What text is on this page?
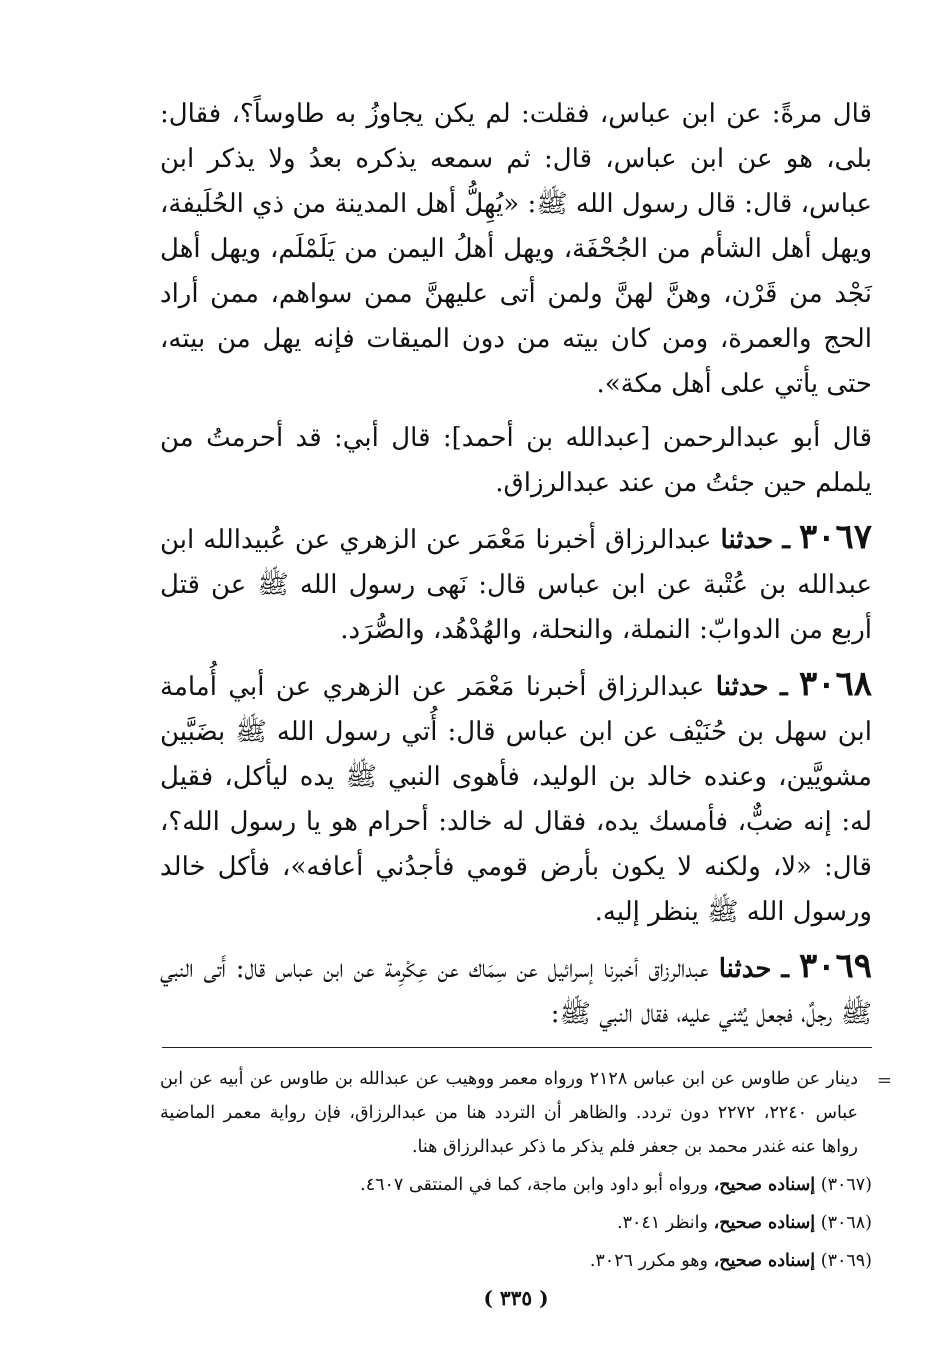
قال مرةً: عن ابن عباس، فقلت: لم يكن يجاوزُ به طاوساً؟، فقال: بلى، هو عن ابن عباس، قال: ثم سمعه يذكره بعدُ ولا يذكر ابن عباس، قال: قال رسول الله ﷺ: «يُهِلُّ أهل المدينة من ذي الحُلَيفة، ويهل أهل الشأم من الجُحْفَة، ويهل أهلُ اليمن من يَلَمْلَم، ويهل أهل نَجْد من قَرْن، وهنَّ لهنَّ ولمن أتى عليهنَّ ممن سواهم، ممن أراد الحج والعمرة، ومن كان بيته من دون الميقات فإنه يهل من بيته، حتى يأتي على أهل مكة».

قال أبو عبدالرحمن [عبدالله بن أحمد]: قال أبي: قد أحرمتُ من يلملم حين جئتُ من عند عبدالرزاق.

٣٠٦٧ ـ حدثنا عبدالرزاق أخبرنا مَعْمَر عن الزهري عن عُبيدالله ابن عبدالله بن عُتْبة عن ابن عباس قال: نَهى رسول الله ﷺ عن قتل أربع من الدوابّ: النملة، والنحلة، والهُدْهُد، والصُّرَد.

٣٠٦٨ ـ حدثنا عبدالرزاق أخبرنا مَعْمَر عن الزهري عن أبي أُمامة ابن سهل بن حُنَيْف عن ابن عباس قال: أُتي رسول الله ﷺ بضَبَّين مشويَّين، وعنده خالد بن الوليد، فأهوى النبي ﷺ يده ليأكل، فقيل له: إنه ضبٌّ، فأمسك يده، فقال له خالد: أحرام هو يا رسول الله؟، قال: «لا، ولكنه لا يكون بأرض قومي فأجدُني أعافه»، فأكل خالد ورسول الله ﷺ ينظر إليه.

٣٠٦٩ ـ حدثنا عبدالرزاق أخبرنا إسرائيل عن سِمَاك عن عِكْرِمة عن ابن عباس قال: أَتى النبي ﷺ رجلٌ، فجعل يُثني عليه، فقال النبي ﷺ:

=

دينار عن طاوس عن ابن عباس ٢١٢٨ ورواه معمر ووهيب عن عبدالله بن طاوس عن أبيه عن ابن عباس ٢٢٤٠، ٢٢٧٢ دون تردد. والظاهر أن التردد هنا من عبدالرزاق، فإن رواية معمر الماضية رواها عنه غندر محمد بن جعفر فلم يذكر ما ذكر عبدالرزاق هنا.

(٣٠٦٧) إسناده صحيح، ورواه أبو داود وابن ماجة، كما في المنتقى ٤٦٠٧.

(٣٠٦٨) إسناده صحيح، وانظر ٣٠٤١.

(٣٠٦٩) إسناده صحيح، وهو مكرر ٣٠٢٦.

( ٣٣٥ )
